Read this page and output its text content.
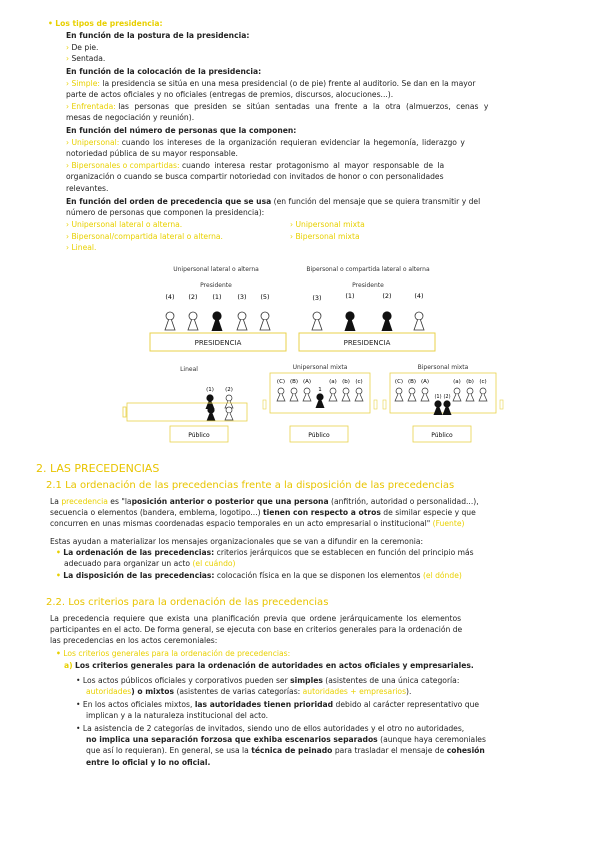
• Los tipos de presidencia:
En función de la postura de la presidencia:
› De pie.
› Sentada.
En función de la colocación de la presidencia:
› Simple: la presidencia se sitúa en una mesa presidencial (o de pie) frente al auditorio. Se dan en la mayor
parte de actos oficiales y no oficiales (entregas de premios, discursos, alocuciones...).
› Enfrentada: las personas que presiden se sitúan sentadas una frente a la otra (almuerzos, cenas y
mesas de negociación y reunión).
En función del número de personas que la componen:
› Unipersonal: cuando los intereses de la organización requieran evidenciar la hegemonía, liderazgo y
notoriedad pública de su mayor responsable.
› Bipersonales o compartidas: cuando interesa restar protagonismo al mayor responsable de la
organización o cuando se busca compartir notoriedad con invitados de honor o con personalidades
relevantes.
En función del orden de precedencia que se usa (en función del mensaje que se quiera transmitir y del
número de personas que componen la presidencia):
› Unipersonal lateral o alterna.
› Bipersonal/compartida lateral o alterna.
› Lineal.
› Unipersonal mixta
› Bipersonal mixta
2. LAS PRECEDENCIAS
2.1 La ordenación de las precedencias frente a la disposición de las precedencias
La precedencia es "laposición anterior o posterior que una persona (anfitrión, autoridad o personalidad...),
secuencia o elementos (bandera, emblema, logotipo...) tienen con respecto a otros de similar especie y que
concurren en unas mismas coordenadas espacio temporales en un acto empresarial o institucional" (Fuente)
Estas ayudan a materializar los mensajes organizacionales que se van a difundir en la ceremonia:
• La ordenación de las precedencias: criterios jerárquicos que se establecen en función del principio más
adecuado para organizar un acto (el cuándo)
• La disposición de las precedencias: colocación física en la que se disponen los elementos (el dónde)
2.2. Los criterios para la ordenación de las precedencias
La precedencia requiere que exista una planificación previa que ordene jerárquicamente los elementos
participantes en el acto. De forma general, se ejecuta con base en criterios generales para la ordenación de
las precedencias en los actos ceremoniales:
• Los criterios generales para la ordenación de precedencias:
a) Los criterios generales para la ordenación de autoridades en actos oficiales y empresariales.
• Los actos públicos oficiales y corporativos pueden ser simples (asistentes de una única categoría:
autoridades) o mixtos (asistentes de varias categorías: autoridades + empresarios).
• En los actos oficiales mixtos, las autoridades tienen prioridad debido al carácter representativo que
implican y a la naturaleza institucional del acto.
• La asistencia de 2 categorías de invitados, siendo uno de ellos autoridades y el otro no autoridades,
no implica una separación forzosa que exhiba escenarios separados (aunque haya ceremoniales
que así lo requieran). En general, se usa la técnica de peinado para trasladar el mensaje de cohesión
entre lo oficial y lo no oficial.
Unipersonal lateral o alterna
Presidente
(4) (2) (1) (3) (5)
PRESIDENCIA
Bipersonal o compartida lateral o alterna
Presidente
(3)	(1)	(2)	(4)
PRESIDENCIA
Lineal
(1) (2)
Público
Unipersonal mixta
(C) (B) (A)
1
(a) (b) (c)
Público
Bipersonal mixta
(C) (B) (A)	(a) (b) (c)
(1) (2)
Público
